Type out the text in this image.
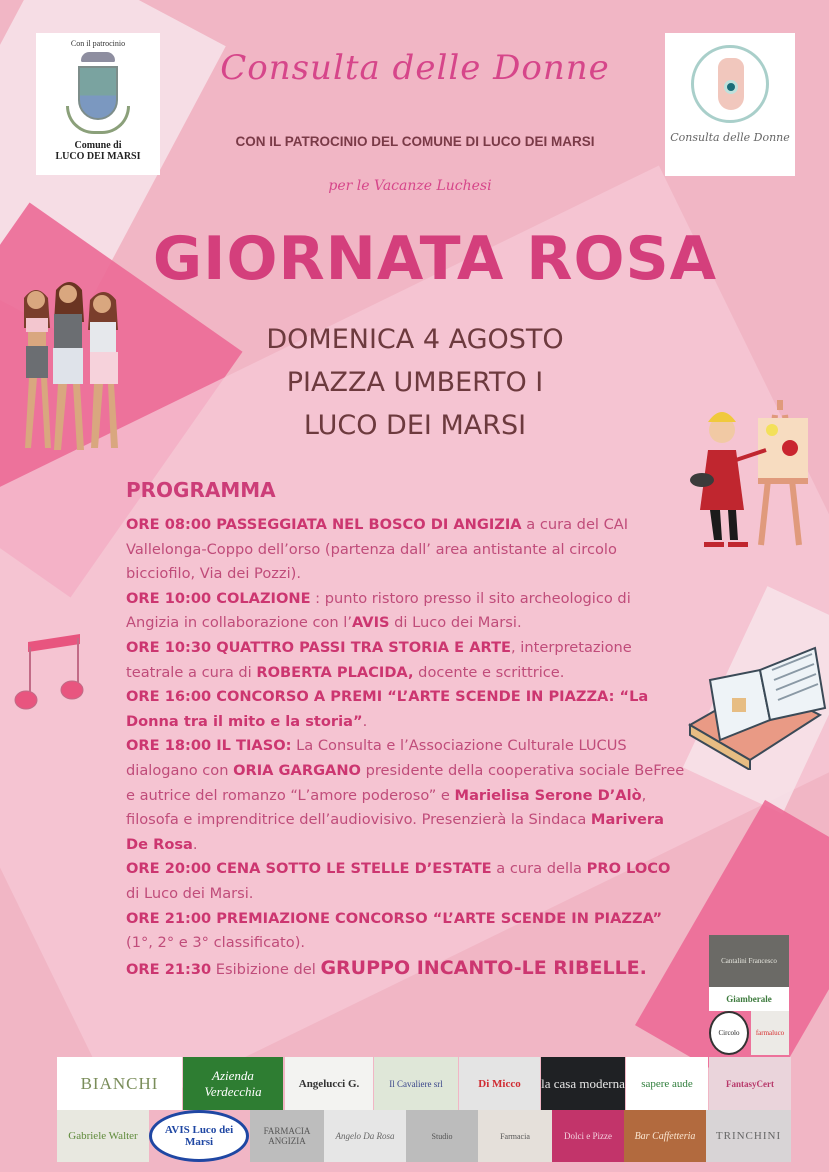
Con il patrocinio
Comune di
LUCO DEI MARSI
Consulta delle Donne
Consulta delle Donne
CON IL PATROCINIO DEL COMUNE DI LUCO DEI MARSI
per le Vacanze Luchesi
GIORNATA ROSA
DOMENICA 4 AGOSTO
PIAZZA UMBERTO I
LUCO DEI MARSI
PROGRAMMA

ORE 08:00 PASSEGGIATA NEL BOSCO DI ANGIZIA a cura del CAI Vallelonga-Coppo dell’orso (partenza dall’ area antistante al circolo bicciofilo, Via dei Pozzi).

ORE 10:00 COLAZIONE : punto ristoro presso il sito archeologico di Angizia in collaborazione con l’AVIS di Luco dei Marsi.

ORE 10:30 QUATTRO PASSI TRA STORIA E ARTE, interpretazione teatrale a cura di ROBERTA PLACIDA, docente e scrittrice.

ORE 16:00 CONCORSO A PREMI “L’ARTE SCENDE IN PIAZZA: “La Donna tra il mito e la storia”.

ORE 18:00 IL TIASO: La Consulta e l’Associazione Culturale LUCUS dialogano con ORIA GARGANO presidente della cooperativa sociale BeFree e autrice del romanzo “L’amore poderoso” e Marielisa Serone D’Alò, filosofa e imprenditrice dell’audiovisivo. Presenzierà la Sindaca Marivera De Rosa.

ORE 20:00 CENA SOTTO LE STELLE D’ESTATE a cura della PRO LOCO di Luco dei Marsi.

ORE 21:00 PREMIAZIONE CONCORSO “L’ARTE SCENDE IN PIAZZA” (1°, 2° e 3° classificato).

ORE 21:30 Esibizione del GRUPPO INCANTO-LE RIBELLE.	Cantalini Francesco
Giamberale
Circolo	farmaluco
BIANCHI	Azienda Verdecchia	Angelucci G.	Il Cavaliere srl	Di Micco	la casa moderna	sapere aude	FantasyCert
Gabriele Walter	AVIS Luco dei Marsi
FARMACIA ANGIZIA	Angelo Da Rosa	Studio	Farmacia	Dolci e Pizze	Bar Caffetteria	TRINCHINI
